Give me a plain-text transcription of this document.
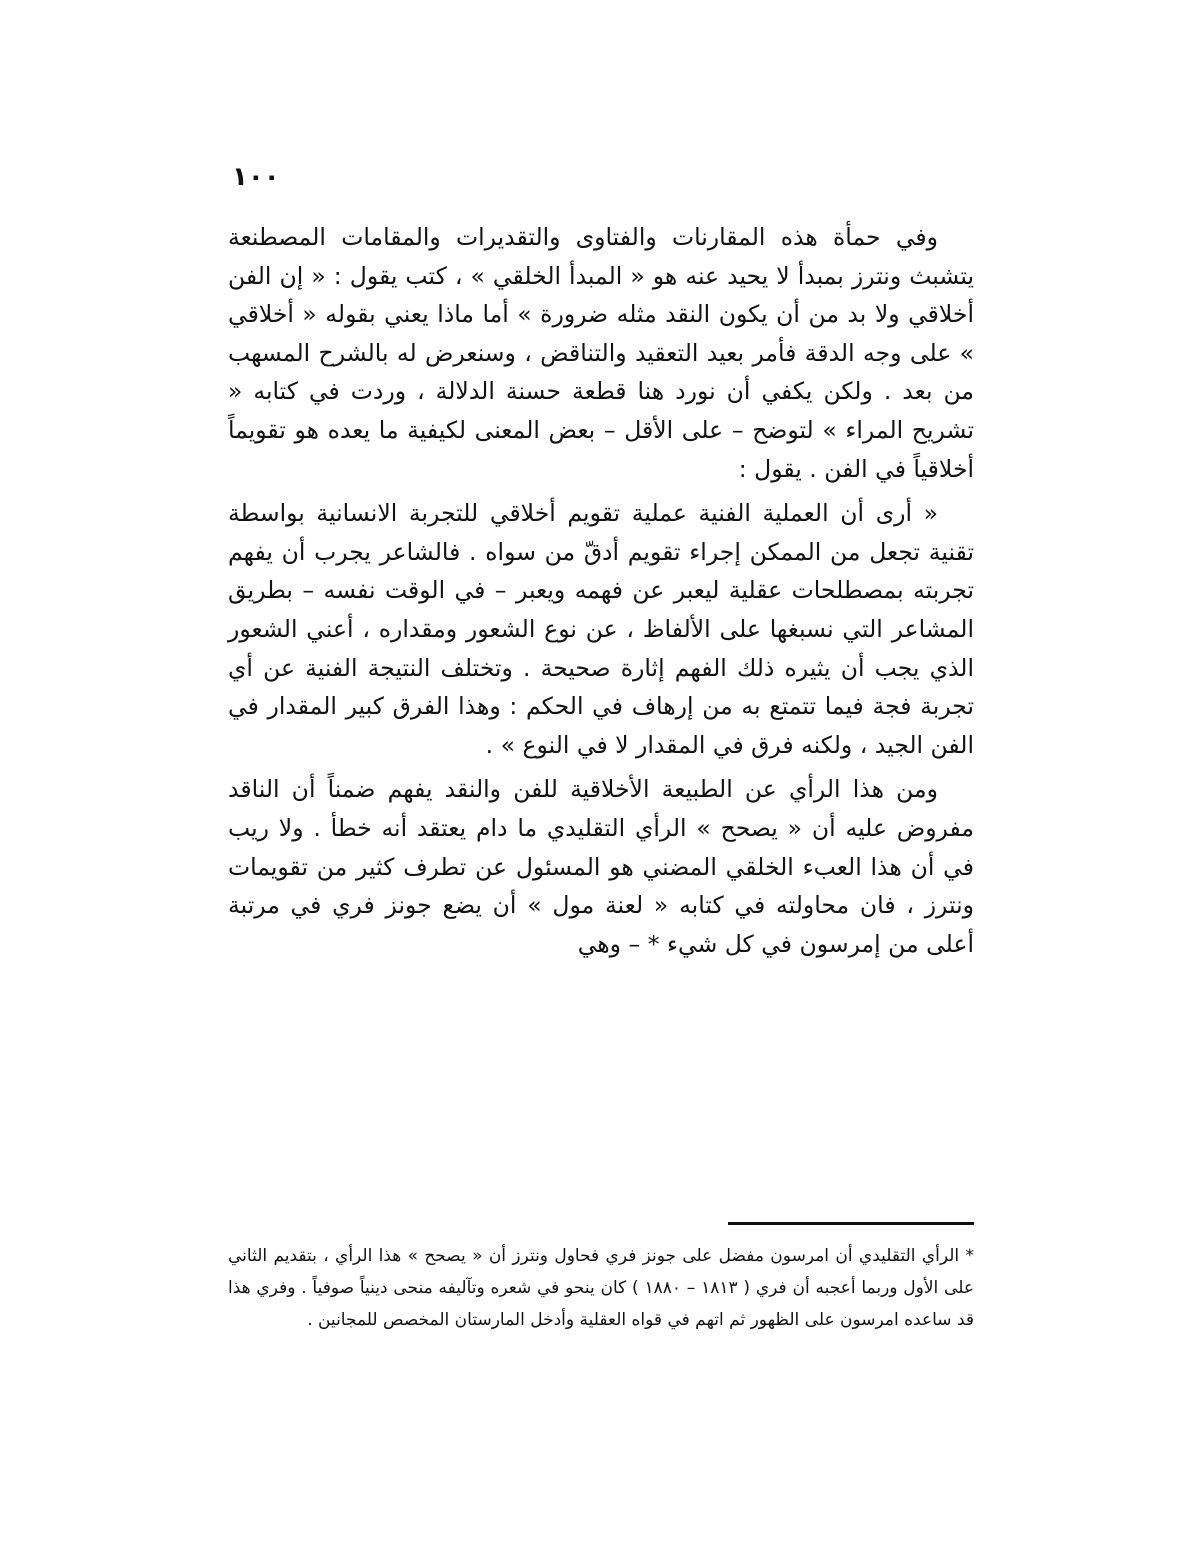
١٠٠

وفي حمأة هذه المقارنات والفتاوى والتقديرات والمقامات المصطنعة يتشبث ونترز بمبدأ لا يحيد عنه هو « المبدأ الخلقي » ، كتب يقول : « إن الفن أخلاقي ولا بد من أن يكون النقد مثله ضرورة » أما ماذا يعني بقوله « أخلاقي » على وجه الدقة فأمر بعيد التعقيد والتناقض ، وسنعرض له بالشرح المسهب من بعد . ولكن يكفي أن نورد هنا قطعة حسنة الدلالة ، وردت في كتابه « تشريح المراء » لتوضح – على الأقل – بعض المعنى لكيفية ما يعده هو تقويماً أخلاقياً في الفن . يقول :

« أرى أن العملية الفنية عملية تقويم أخلاقي للتجربة الانسانية بواسطة تقنية تجعل من الممكن إجراء تقويم أدقّ من سواه . فالشاعر يجرب أن يفهم تجربته بمصطلحات عقلية ليعبر عن فهمه ويعبر – في الوقت نفسه – بطريق المشاعر التي نسبغها على الألفاظ ، عن نوع الشعور ومقداره ، أعني الشعور الذي يجب أن يثيره ذلك الفهم إثارة صحيحة . وتختلف النتيجة الفنية عن أي تجربة فجة فيما تتمتع به من إرهاف في الحكم : وهذا الفرق كبير المقدار في الفن الجيد ، ولكنه فرق في المقدار لا في النوع » .

ومن هذا الرأي عن الطبيعة الأخلاقية للفن والنقد يفهم ضمناً أن الناقد مفروض عليه أن « يصحح » الرأي التقليدي ما دام يعتقد أنه خطأ . ولا ريب في أن هذا العبء الخلقي المضني هو المسئول عن تطرف كثير من تقويمات ونترز ، فان محاولته في كتابه « لعنة مول » أن يضع جونز فري في مرتبة أعلى من إمرسون في كل شيء * – وهي

* الرأي التقليدي أن امرسون مفضل على جونز فري فحاول ونترز أن « يصحح » هذا الرأي ، بتقديم الثاني على الأول وربما أعجبه أن فري ( ١٨١٣ – ١٨٨٠ ) كان ينحو في شعره وتآليفه منحى دينياً صوفياً . وفري هذا قد ساعده امرسون على الظهور ثم اتهم في قواه العقلية وأدخل المارستان المخصص للمجانين .
